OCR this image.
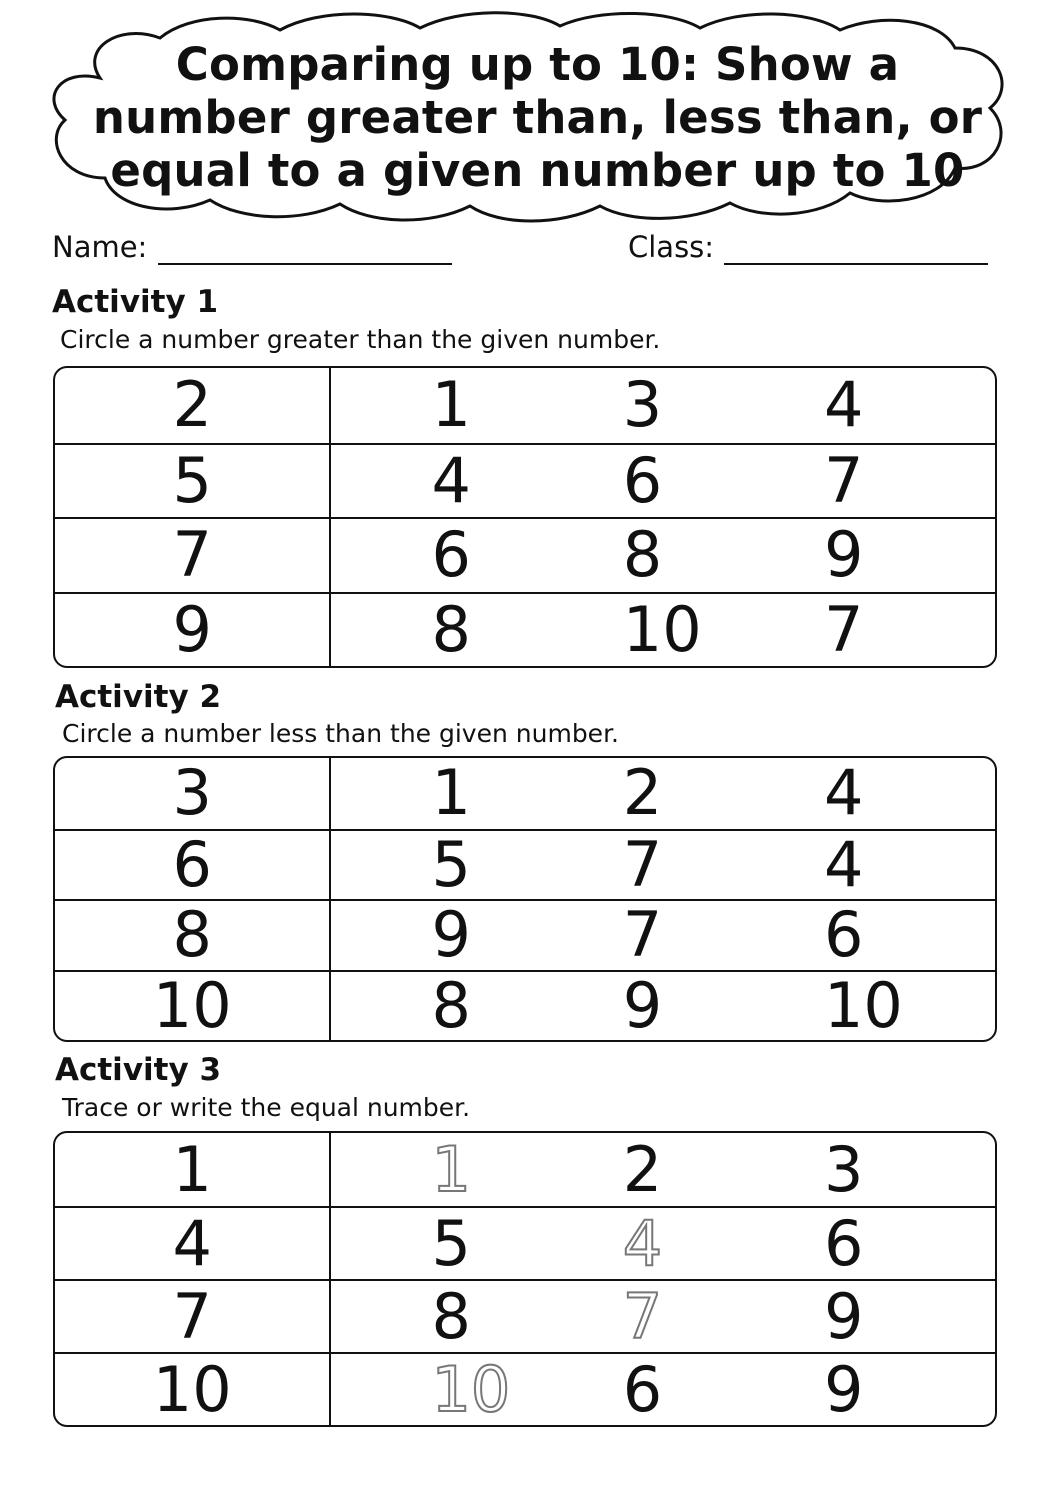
Comparing up to 10: Show a number greater than, less than, or equal to a given number up to 10
Name:	Class:
Activity 1
Circle a number greater than the given number.
2	1	3	4
5	4	6	7
7	6	8	9
9	8	10	7
Activity 2
Circle a number less than the given number.
3	1	2	4
6	5	7	4
8	9	7	6
10	8	9	10
Activity 3
Trace or write the equal number.
1	1	2	3
4	5	4	6
7	8	7	9
10	10	6	9
